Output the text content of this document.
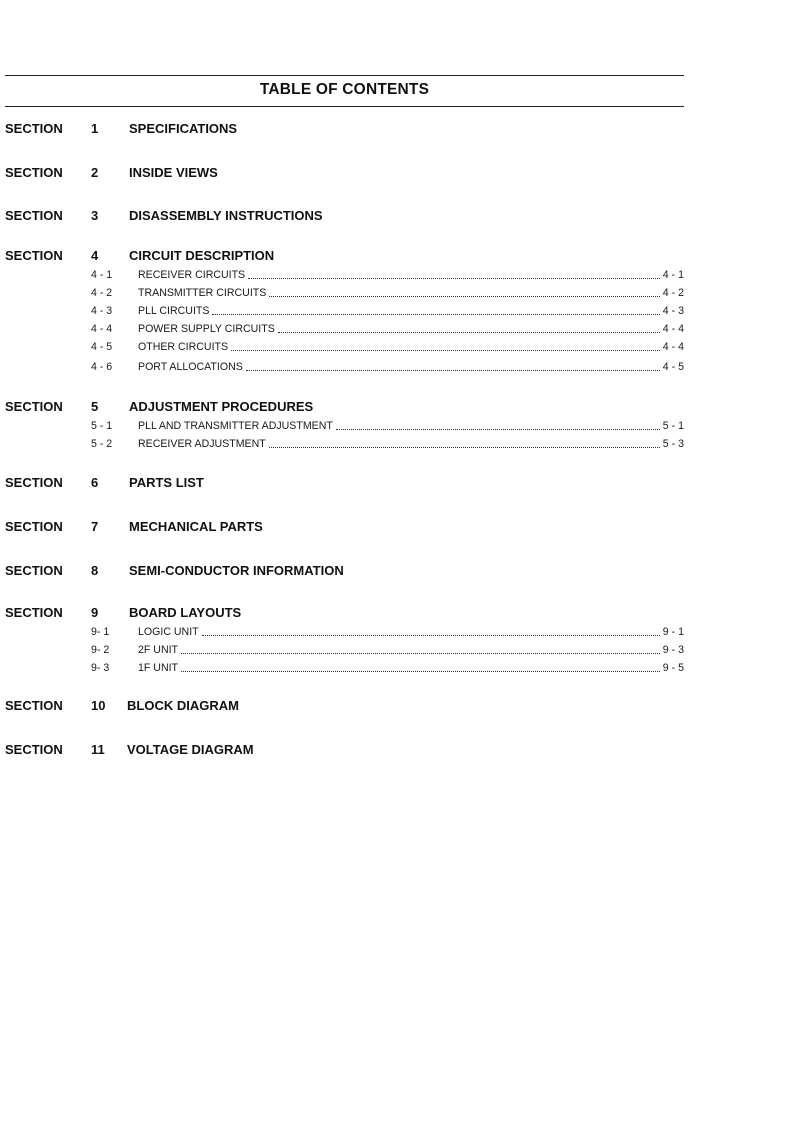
TABLE OF CONTENTS
SECTION 1	SPECIFICATIONS
SECTION 2	INSIDE VIEWS
SECTION 3	DISASSEMBLY INSTRUCTIONS
SECTION 4	CIRCUIT DESCRIPTION
4 - 1 RECEIVER CIRCUITS	4 - 1
4 - 2 TRANSMITTER CIRCUITS	4 - 2
4 - 3 PLL CIRCUITS	4 - 3
4 - 4 POWER SUPPLY CIRCUITS	4 - 4
4 - 5 OTHER CIRCUITS	4 - 4
4 - 6 PORT ALLOCATIONS	4 - 5
SECTION 5	ADJUSTMENT PROCEDURES
5 - 1 PLL AND TRANSMITTER ADJUSTMENT	5 - 1
5 - 2 RECEIVER ADJUSTMENT	5 - 3
SECTION 6	PARTS LIST
SECTION 7	MECHANICAL PARTS
SECTION 8	SEMI-CONDUCTOR INFORMATION
SECTION 9	BOARD LAYOUTS
9- 1	LOGIC UNIT	9 - 1
9- 2	2F UNIT	9 - 3
9- 3	1F UNIT	9 - 5
SECTION 10	BLOCK DIAGRAM
SECTION 11	VOLTAGE DIAGRAM
